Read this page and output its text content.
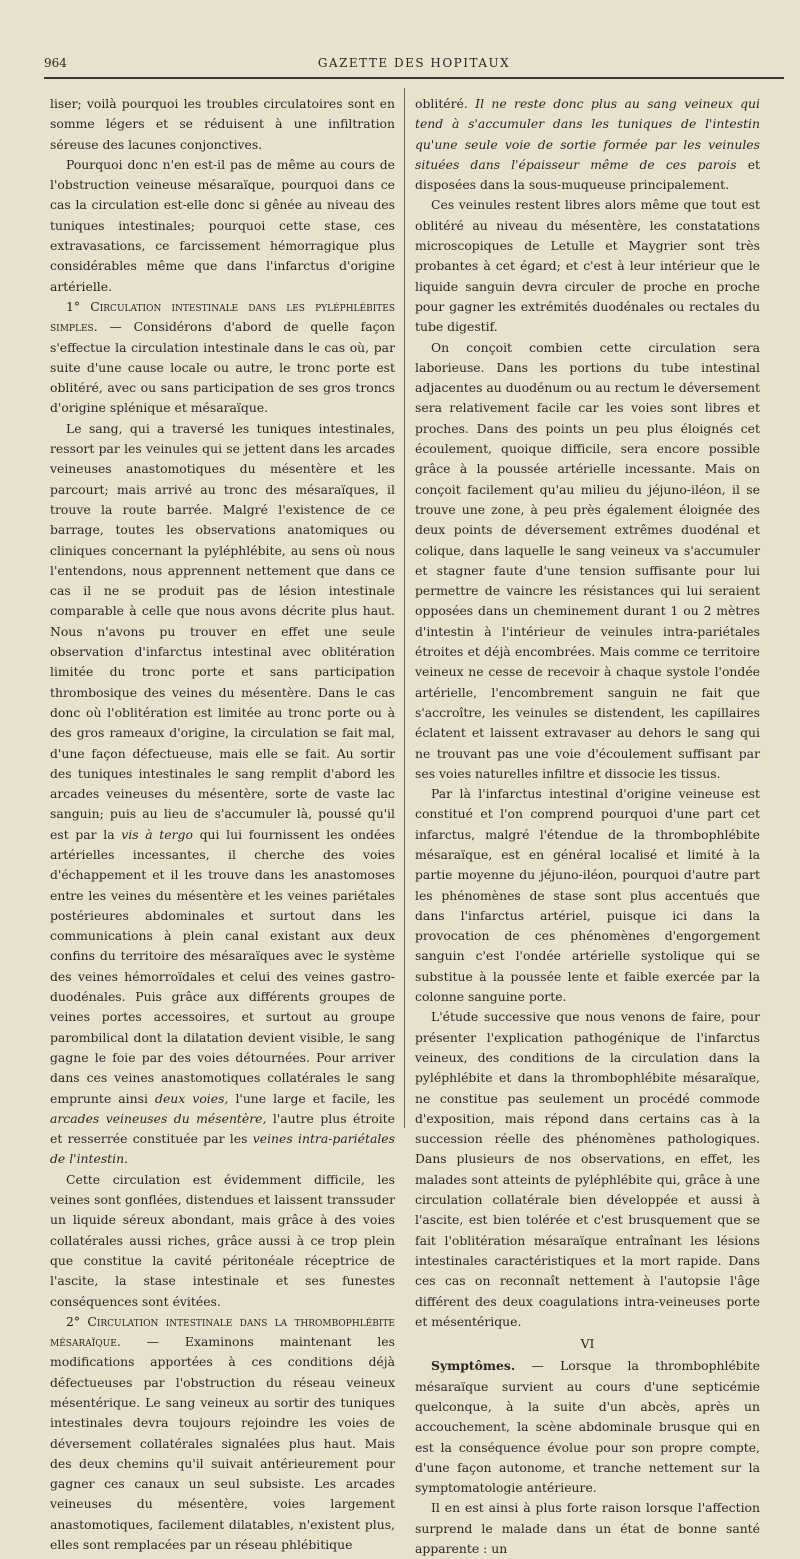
964	GAZETTE DES HOPITAUX

liser; voilà pourquoi les troubles circulatoires sont en somme légers et se réduisent à une infiltration séreuse des lacunes conjonctives.

Pourquoi donc n'en est-il pas de même au cours de l'obstruction veineuse mésaraïque, pourquoi dans ce cas la circulation est-elle donc si gênée au niveau des tuniques intestinales; pourquoi cette stase, ces extravasations, ce farcissement hémorragique plus considérables même que dans l'infarctus d'origine artérielle.

1° Circulation intestinale dans les pyléphlébites simples. — Considérons d'abord de quelle façon s'effectue la circulation intestinale dans le cas où, par suite d'une cause locale ou autre, le tronc porte est oblitéré, avec ou sans participation de ses gros troncs d'origine splénique et mésaraïque.

Le sang, qui a traversé les tuniques intestinales, ressort par les veinules qui se jettent dans les arcades veineuses anastomotiques du mésentère et les parcourt; mais arrivé au tronc des mésaraïques, il trouve la route barrée. Malgré l'existence de ce barrage, toutes les observations anatomiques ou cliniques concernant la pyléphlébite, au sens où nous l'entendons, nous apprennent nettement que dans ce cas il ne se produit pas de lésion intestinale comparable à celle que nous avons décrite plus haut. Nous n'avons pu trouver en effet une seule observation d'infarctus intestinal avec oblitération limitée du tronc porte et sans participation thrombosique des veines du mésentère. Dans le cas donc où l'oblitération est limitée au tronc porte ou à des gros rameaux d'origine, la circulation se fait mal, d'une façon défectueuse, mais elle se fait. Au sortir des tuniques intestinales le sang remplit d'abord les arcades veineuses du mésentère, sorte de vaste lac sanguin; puis au lieu de s'accumuler là, poussé qu'il est par la vis à tergo qui lui fournissent les ondées artérielles incessantes, il cherche des voies d'échappement et il les trouve dans les anastomoses entre les veines du mésentère et les veines pariétales postérieures abdominales et surtout dans les communications à plein canal existant aux deux confins du territoire des mésaraïques avec le système des veines hémorroïdales et celui des veines gastro-duodénales. Puis grâce aux différents groupes de veines portes accessoires, et surtout au groupe parombilical dont la dilatation devient visible, le sang gagne le foie par des voies détournées. Pour arriver dans ces veines anastomotiques collatérales le sang emprunte ainsi deux voies, l'une large et facile, les arcades veineuses du mésentère, l'autre plus étroite et resserrée constituée par les veines intra-pariétales de l'intestin.

Cette circulation est évidemment difficile, les veines sont gonflées, distendues et laissent transsuder un liquide séreux abondant, mais grâce à des voies collatérales aussi riches, grâce aussi à ce trop plein que constitue la cavité péritonéale réceptrice de l'ascite, la stase intestinale et ses funestes conséquences sont évitées.

2° Circulation intestinale dans la thrombophlébite mésaraïque. — Examinons maintenant les modifications apportées à ces conditions déjà défectueuses par l'obstruction du réseau veineux mésentérique. Le sang veineux au sortir des tuniques intestinales devra toujours rejoindre les voies de déversement collatérales signalées plus haut. Mais des deux chemins qu'il suivait antérieurement pour gagner ces canaux un seul subsiste. Les arcades veineuses du mésentère, voies largement anastomotiques, facilement dilatables, n'existent plus, elles sont remplacées par un réseau phlébitique

oblitéré. Il ne reste donc plus au sang veineux qui tend à s'accumuler dans les tuniques de l'intestin qu'une seule voie de sortie formée par les veinules situées dans l'épaisseur même de ces parois et disposées dans la sous-muqueuse principalement.

Ces veinules restent libres alors même que tout est oblitéré au niveau du mésentère, les constatations microscopiques de Letulle et Maygrier sont très probantes à cet égard; et c'est à leur intérieur que le liquide sanguin devra circuler de proche en proche pour gagner les extrémités duodénales ou rectales du tube digestif.

On conçoit combien cette circulation sera laborieuse. Dans les portions du tube intestinal adjacentes au duodénum ou au rectum le déversement sera relativement facile car les voies sont libres et proches. Dans des points un peu plus éloignés cet écoulement, quoique difficile, sera encore possible grâce à la poussée artérielle incessante. Mais on conçoit facilement qu'au milieu du jéjuno-iléon, il se trouve une zone, à peu près également éloignée des deux points de déversement extrêmes duodénal et colique, dans laquelle le sang veineux va s'accumuler et stagner faute d'une tension suffisante pour lui permettre de vaincre les résistances qui lui seraient opposées dans un cheminement durant 1 ou 2 mètres d'intestin à l'intérieur de veinules intra-pariétales étroites et déjà encombrées. Mais comme ce territoire veineux ne cesse de recevoir à chaque systole l'ondée artérielle, l'encombrement sanguin ne fait que s'accroître, les veinules se distendent, les capillaires éclatent et laissent extravaser au dehors le sang qui ne trouvant pas une voie d'écoulement suffisant par ses voies naturelles infiltre et dissocie les tissus.

Par là l'infarctus intestinal d'origine veineuse est constitué et l'on comprend pourquoi d'une part cet infarctus, malgré l'étendue de la thrombophlébite mésaraïque, est en général localisé et limité à la partie moyenne du jéjuno-iléon, pourquoi d'autre part les phénomènes de stase sont plus accentués que dans l'infarctus artériel, puisque ici dans la provocation de ces phénomènes d'engorgement sanguin c'est l'ondée artérielle systolique qui se substitue à la poussée lente et faible exercée par la colonne sanguine porte.

L'étude successive que nous venons de faire, pour présenter l'explication pathogénique de l'infarctus veineux, des conditions de la circulation dans la pyléphlébite et dans la thrombophlébite mésaraïque, ne constitue pas seulement un procédé commode d'exposition, mais répond dans certains cas à la succession réelle des phénomènes pathologiques. Dans plusieurs de nos observations, en effet, les malades sont atteints de pyléphlébite qui, grâce à une circulation collatérale bien développée et aussi à l'ascite, est bien tolérée et c'est brusquement que se fait l'oblitération mésaraïque entraînant les lésions intestinales caractéristiques et la mort rapide. Dans ces cas on reconnaît nettement à l'autopsie l'âge différent des deux coagulations intra-veineuses porte et mésentérique.

VI

Symptômes. — Lorsque la thrombophlébite mésaraïque survient au cours d'une septicémie quelconque, à la suite d'un abcès, après un accouchement, la scène abdominale brusque qui en est la conséquence évolue pour son propre compte, d'une façon autonome, et tranche nettement sur la symptomatologie antérieure.

Il en est ainsi à plus forte raison lorsque l'affection surprend le malade dans un état de bonne santé apparente : un
